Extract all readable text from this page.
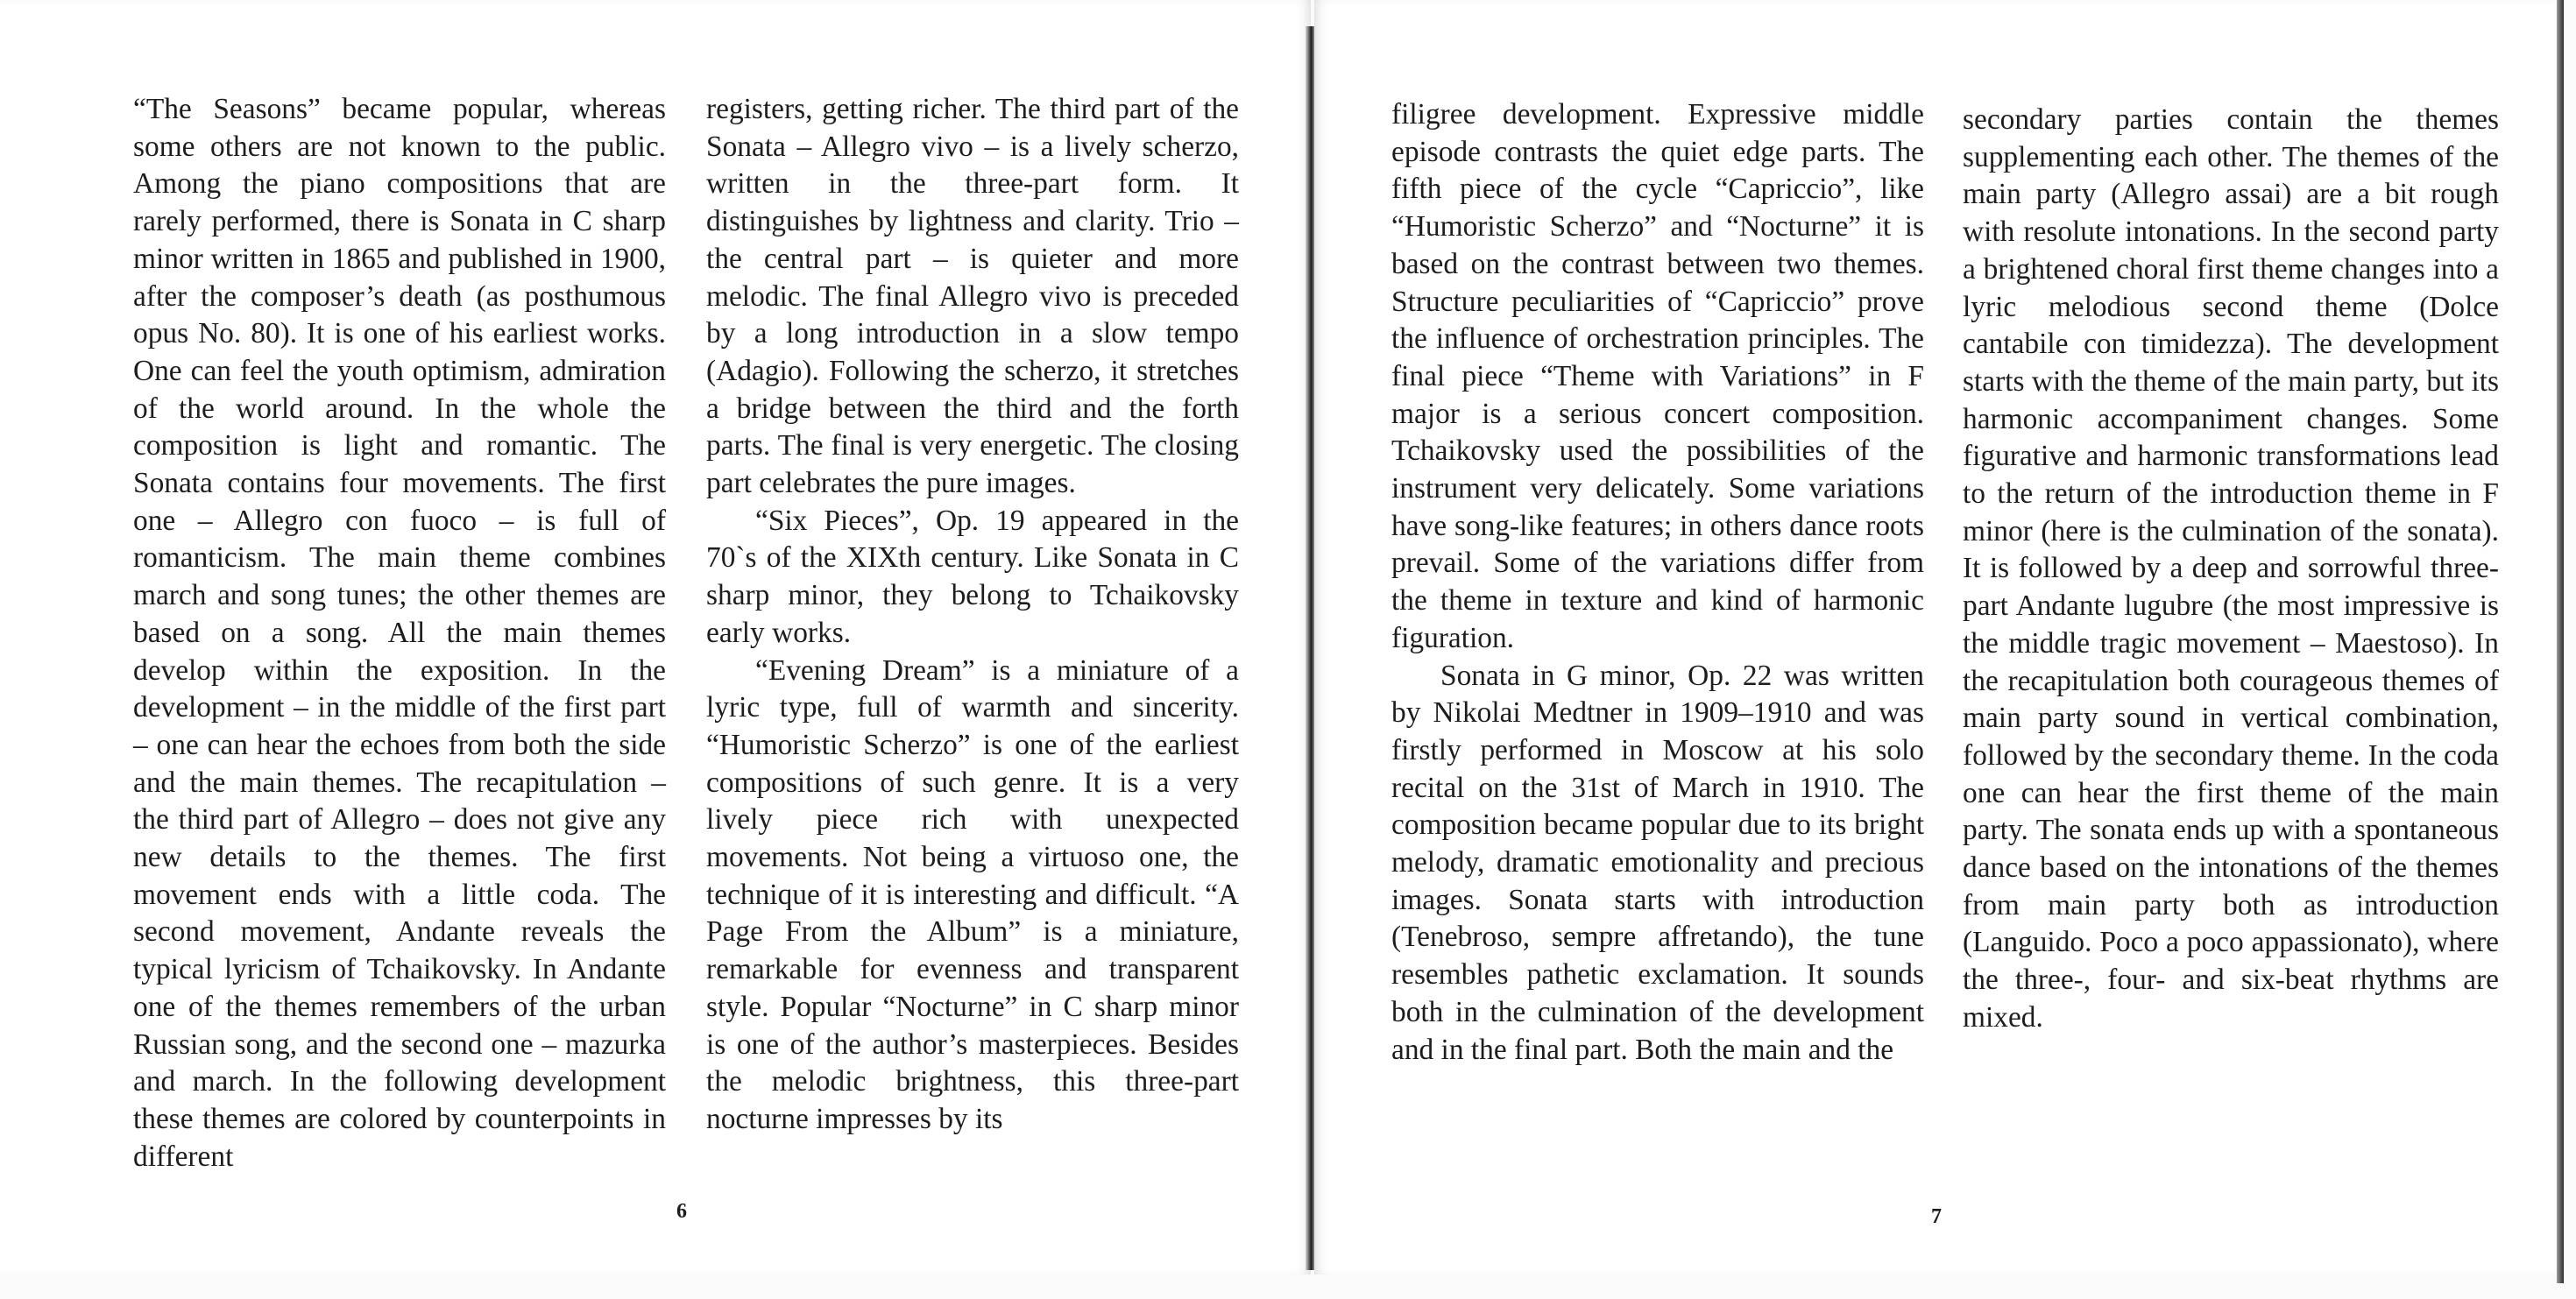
“The Seasons” became popular, whereas some others are not known to the public. Among the piano compositions that are rarely performed, there is Sonata in C sharp minor written in 1865 and published in 1900, after the composer’s death (as posthumous opus No. 80). It is one of his earliest works. One can feel the youth optimism, admiration of the world around. In the whole the composition is light and romantic. The Sonata contains four movements. The first one – Allegro con fuoco – is full of romanticism. The main theme combines march and song tunes; the other themes are based on a song. All the main themes develop within the exposition. In the development – in the middle of the first part – one can hear the echoes from both the side and the main themes. The recapitulation – the third part of Allegro – does not give any new details to the themes. The first movement ends with a little coda. The second movement, Andante reveals the typical lyricism of Tchaikovsky. In Andante one of the themes remembers of the urban Russian song, and the second one – mazurka and march. In the following development these themes are colored by counterpoints in different

registers, getting richer. The third part of the Sonata – Allegro vivo – is a lively scherzo, written in the three-part form. It distinguishes by lightness and clarity. Trio – the central part – is quieter and more melodic. The final Allegro vivo is preceded by a long introduction in a slow tempo (Adagio). Following the scherzo, it stretches a bridge between the third and the forth parts. The final is very energetic. The closing part celebrates the pure images.

“Six Pieces”, Op. 19 appeared in the 70`s of the XIXth century. Like Sonata in C sharp minor, they belong to Tchaikovsky early works.

“Evening Dream” is a miniature of a lyric type, full of warmth and sincerity. “Humoristic Scherzo” is one of the earliest compositions of such genre. It is a very lively piece rich with unexpected movements. Not being a virtuoso one, the technique of it is interesting and difficult. “A Page From the Album” is a miniature, remarkable for evenness and transparent style. Popular “Nocturne” in C sharp minor is one of the author’s masterpieces. Besides the melodic brightness, this three-part nocturne impresses by its

6

filigree development. Expressive middle episode contrasts the quiet edge parts. The fifth piece of the cycle “Capriccio”, like “Humoristic Scherzo” and “Nocturne” it is based on the contrast between two themes. Structure peculiarities of “Capriccio” prove the influence of orchestration principles. The final piece “Theme with Variations” in F major is a serious concert composition. Tchaikovsky used the possibilities of the instrument very delicately. Some variations have song-like features; in others dance roots prevail. Some of the variations differ from the theme in texture and kind of harmonic figuration.

Sonata in G minor, Op. 22 was written by Nikolai Medtner in 1909–1910 and was firstly performed in Moscow at his solo recital on the 31st of March in 1910. The composition became popular due to its bright melody, dramatic emotionality and precious images. Sonata starts with introduction (Tenebroso, sempre affretando), the tune resembles pathetic exclamation. It sounds both in the culmination of the development and in the final part. Both the main and the

secondary parties contain the themes supplementing each other. The themes of the main party (Allegro assai) are a bit rough with resolute intonations. In the second party a brightened choral first theme changes into a lyric melodious second theme (Dolce cantabile con timidezza). The development starts with the theme of the main party, but its harmonic accompaniment changes. Some figurative and harmonic transformations lead to the return of the introduction theme in F minor (here is the culmination of the sonata). It is followed by a deep and sorrowful three-part Andante lugubre (the most impressive is the middle tragic movement – Maestoso). In the recapitulation both courageous themes of main party sound in vertical combination, followed by the secondary theme. In the coda one can hear the first theme of the main party. The sonata ends up with a spontaneous dance based on the intonations of the themes from main party both as introduction (Languido. Poco a poco appassionato), where the three-, four- and six-beat rhythms are mixed.

7
